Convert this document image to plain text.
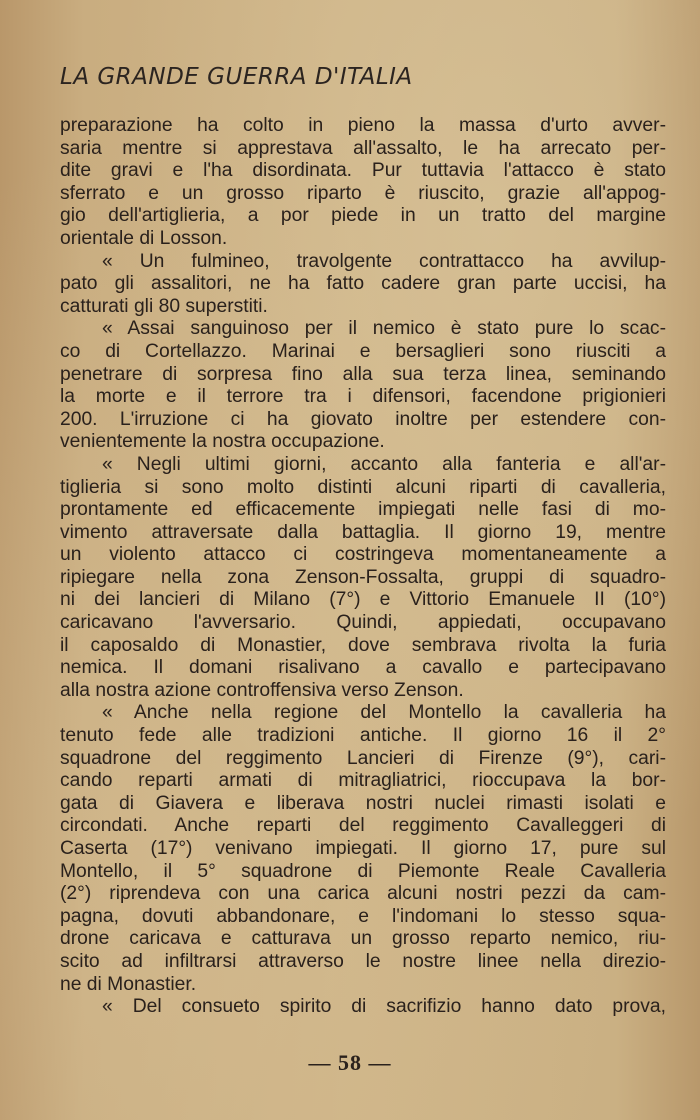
LA GRANDE GUERRA D'ITALIA
preparazione ha colto in pieno la massa d'urto avver-
saria mentre si apprestava all'assalto, le ha arrecato per-
dite gravi e l'ha disordinata. Pur tuttavia l'attacco è stato
sferrato e un grosso riparto è riuscito, grazie all'appog-
gio dell'artiglieria, a por piede in un tratto del margine
orientale di Losson.
« Un fulmineo, travolgente contrattacco ha avvilup-
pato gli assalitori, ne ha fatto cadere gran parte uccisi, ha
catturati gli 80 superstiti.
« Assai sanguinoso per il nemico è stato pure lo scac-
co di Cortellazzo. Marinai e bersaglieri sono riusciti a
penetrare di sorpresa fino alla sua terza linea, seminando
la morte e il terrore tra i difensori, facendone prigionieri
200. L'irruzione ci ha giovato inoltre per estendere con-
venientemente la nostra occupazione.
« Negli ultimi giorni, accanto alla fanteria e all'ar-
tiglieria si sono molto distinti alcuni riparti di cavalleria,
prontamente ed efficacemente impiegati nelle fasi di mo-
vimento attraversate dalla battaglia. Il giorno 19, mentre
un violento attacco ci costringeva momentaneamente a
ripiegare nella zona Zenson-Fossalta, gruppi di squadro-
ni dei lancieri di Milano (7°) e Vittorio Emanuele II (10°)
caricavano l'avversario. Quindi, appiedati, occupavano
il caposaldo di Monastier, dove sembrava rivolta la furia
nemica. Il domani risalivano a cavallo e partecipavano
alla nostra azione controffensiva verso Zenson.
« Anche nella regione del Montello la cavalleria ha
tenuto fede alle tradizioni antiche. Il giorno 16 il 2°
squadrone del reggimento Lancieri di Firenze (9°), cari-
cando reparti armati di mitragliatrici, rioccupava la bor-
gata di Giavera e liberava nostri nuclei rimasti isolati e
circondati. Anche reparti del reggimento Cavalleggeri di
Caserta (17°) venivano impiegati. Il giorno 17, pure sul
Montello, il 5° squadrone di Piemonte Reale Cavalleria
(2°) riprendeva con una carica alcuni nostri pezzi da cam-
pagna, dovuti abbandonare, e l'indomani lo stesso squa-
drone caricava e catturava un grosso reparto nemico, riu-
scito ad infiltrarsi attraverso le nostre linee nella direzio-
ne di Monastier.
« Del consueto spirito di sacrifizio hanno dato prova,
— 58 —
